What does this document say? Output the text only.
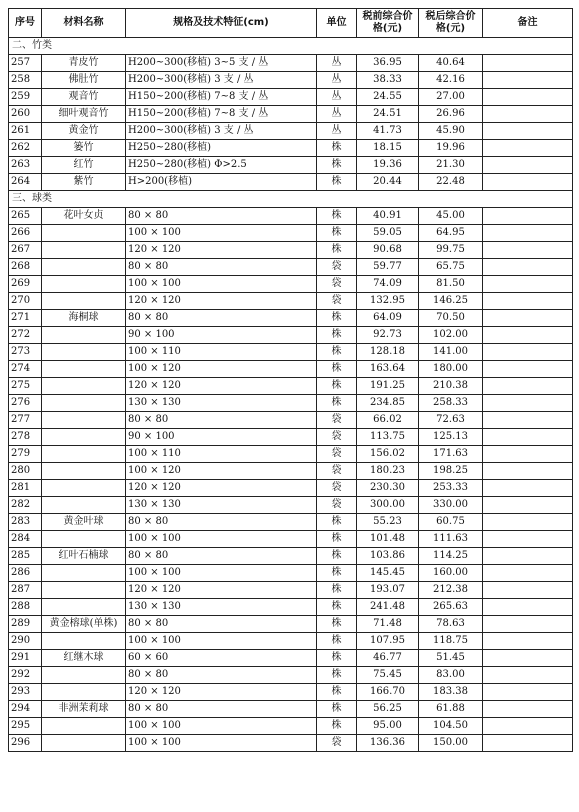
序号	材料名称	规格及技术特征(cm)	单位	税前综合价格(元)	税后综合价格(元)	备注
二、竹类						
257	青皮竹	H200~300(移植) 3~5 支 / 丛	丛	36.95	40.64	
258	佛肚竹	H200~300(移植) 3 支 / 丛	丛	38.33	42.16	
259	观音竹	H150~200(移植) 7~8 支 / 丛	丛	24.55	27.00	
260	细叶观音竹	H150~200(移植) 7~8 支 / 丛	丛	24.51	26.96	
261	黄金竹	H200~300(移植) 3 支 / 丛	丛	41.73	45.90	
262	篓竹	H250~280(移植)	株	18.15	19.96	
263	红竹	H250~280(移植) Φ>2.5	株	19.36	21.30	
264	紫竹	H>200(移植)	株	20.44	22.48	
三、球类						
265	花叶女贞	80 × 80	株	40.91	45.00	
266		100 × 100	株	59.05	64.95	
267		120 × 120	株	90.68	99.75	
268		80 × 80	袋	59.77	65.75	
269		100 × 100	袋	74.09	81.50	
270		120 × 120	袋	132.95	146.25	
271	海桐球	80 × 80	株	64.09	70.50	
272		90 × 100	株	92.73	102.00	
273		100 × 110	株	128.18	141.00	
274		100 × 120	株	163.64	180.00	
275		120 × 120	株	191.25	210.38	
276		130 × 130	株	234.85	258.33	
277		80 × 80	袋	66.02	72.63	
278		90 × 100	袋	113.75	125.13	
279		100 × 110	袋	156.02	171.63	
280		100 × 120	袋	180.23	198.25	
281		120 × 120	袋	230.30	253.33	
282		130 × 130	袋	300.00	330.00	
283	黄金叶球	80 × 80	株	55.23	60.75	
284		100 × 100	株	101.48	111.63	
285	红叶石楠球	80 × 80	株	103.86	114.25	
286		100 × 100	株	145.45	160.00	
287		120 × 120	株	193.07	212.38	
288		130 × 130	株	241.48	265.63	
289	黄金榕球(单株)	80 × 80	株	71.48	78.63	
290		100 × 100	株	107.95	118.75	
291	红继木球	60 × 60	株	46.77	51.45	
292		80 × 80	株	75.45	83.00	
293		120 × 120	株	166.70	183.38	
294	非洲茉莉球	80 × 80	株	56.25	61.88	
295		100 × 100	株	95.00	104.50	
296		100 × 100	袋	136.36	150.00	
